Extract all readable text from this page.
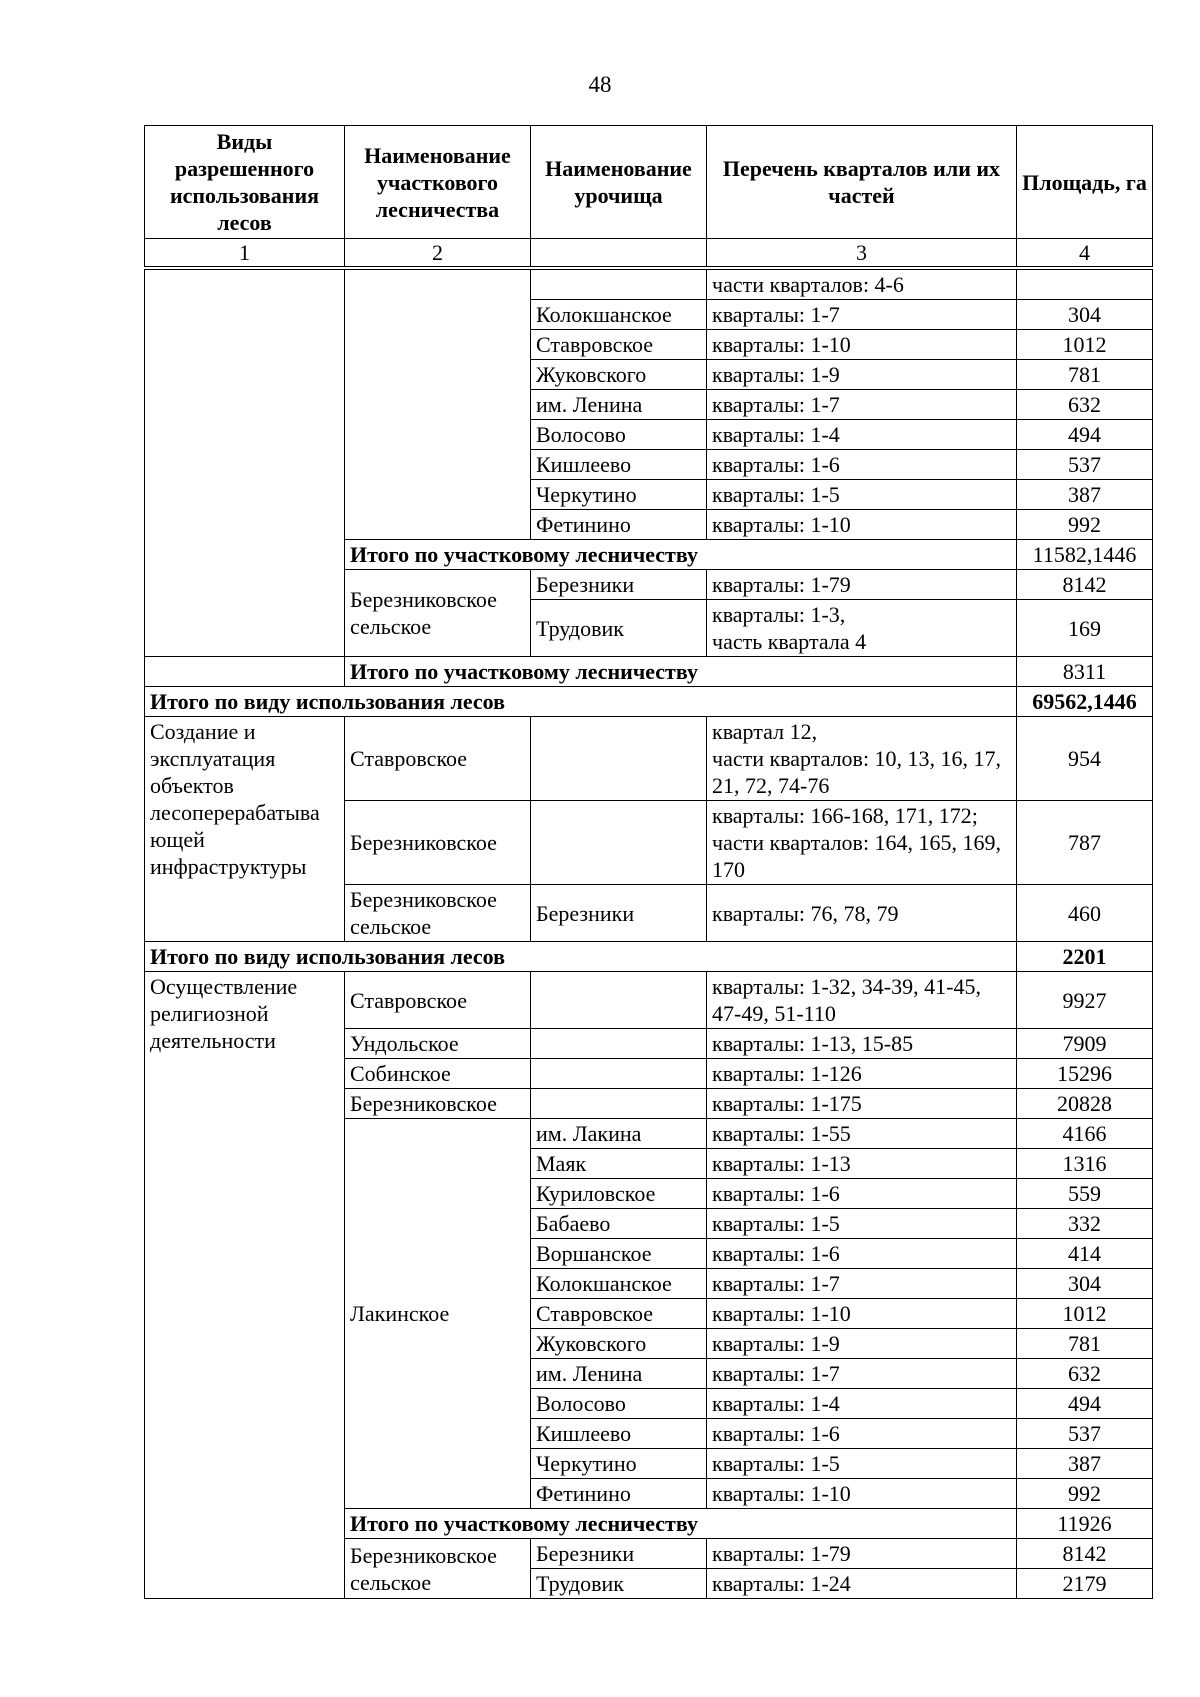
48
Виды разрешенного использования лесов	Наименование участкового лесничества	Наименование урочища	Перечень кварталов или их частей	Площадь, га
1	2		3	4
			части кварталов: 4-6	
		Колокшанское	кварталы: 1-7	304
		Ставровское	кварталы: 1-10	1012
		Жуковского	кварталы: 1-9	781
		им. Ленина	кварталы: 1-7	632
		Волосово	кварталы: 1-4	494
		Кишлеево	кварталы: 1-6	537
		Черкутино	кварталы: 1-5	387
		Фетинино	кварталы: 1-10	992
	Итого по участковому лесничеству			11582,1446
	Березниковское сельское	Березники	кварталы: 1-79	8142
		Трудовик	кварталы: 1-3,
часть квартала 4	169
	Итого по участковому лесничеству			8311
Итого по виду использования лесов				69562,1446
Создание и эксплуатация объектов лесоперерабатыва ющей инфраструктуры	Ставровское		квартал 12,
части кварталов: 10, 13, 16, 17, 21, 72, 74-76	954
	Березниковское		кварталы: 166-168, 171, 172; части кварталов: 164, 165, 169, 170	787
	Березниковское сельское	Березники	кварталы: 76, 78, 79	460
Итого по виду использования лесов				2201
Осуществление религиозной деятельности	Ставровское		кварталы: 1-32, 34-39, 41-45, 47-49, 51-110	9927
	Ундольское		кварталы: 1-13, 15-85	7909
	Собинское		кварталы: 1-126	15296
	Березниковское		кварталы: 1-175	20828
	Лакинское	им. Лакина	кварталы: 1-55	4166
		Маяк	кварталы: 1-13	1316
		Куриловское	кварталы: 1-6	559
		Бабаево	кварталы: 1-5	332
		Воршанское	кварталы: 1-6	414
		Колокшанское	кварталы: 1-7	304
		Ставровское	кварталы: 1-10	1012
		Жуковского	кварталы: 1-9	781
		им. Ленина	кварталы: 1-7	632
		Волосово	кварталы: 1-4	494
		Кишлеево	кварталы: 1-6	537
		Черкутино	кварталы: 1-5	387
		Фетинино	кварталы: 1-10	992
	Итого по участковому лесничеству			11926
	Березниковское сельское	Березники	кварталы: 1-79	8142
		Трудовик	кварталы: 1-24	2179
